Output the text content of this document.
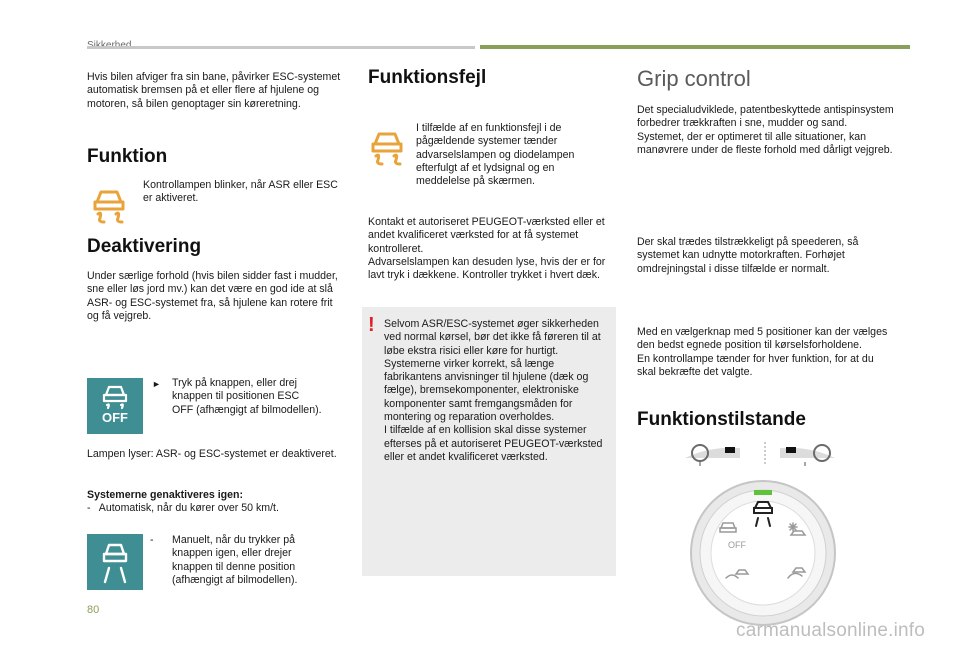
Hvis bilen afviger fra sin bane, påvirker ESC-systemet automatisk bremsen på et eller flere af hjulene og motoren, så bilen genoptager sin køreretning.
Funktion
Kontrollampen blinker, når ASR eller ESC er aktiveret.
Deaktivering
Under særlige forhold (hvis bilen sidder fast i mudder, sne eller løs jord mv.) kan det være en god ide at slå ASR- og ESC-systemet fra, så hjulene kan rotere frit og få vejgreb.
OFF
► Tryk på knappen, eller drej knappen til positionen ESC OFF (afhængigt af bilmodellen).
Lampen lyser: ASR- og ESC-systemet er deaktiveret.
Systemerne genaktiveres igen:
-   Automatisk, når du kører over 50 km/t.
- Manuelt, når du trykker på knappen igen, eller drejer knappen til denne position (afhængigt af bilmodellen).
Funktionsfejl
I tilfælde af en funktionsfejl i de pågældende systemer tænder advarselslampen og diodelampen efterfulgt af et lydsignal og en meddelelse på skærmen.
Kontakt et autoriseret PEUGEOT-værksted eller et andet kvalificeret værksted for at få systemet kontrolleret.
Advarselslampen kan desuden lyse, hvis der er for lavt tryk i dækkene. Kontroller trykket i hvert dæk.
! Selvom ASR/ESC-systemet øger sikkerheden ved normal kørsel, bør det ikke få føreren til at løbe ekstra risici eller køre for hurtigt.
Systemerne virker korrekt, så længe fabrikantens anvisninger til hjulene (dæk og fælge), bremsekomponenter, elektroniske komponenter samt fremgangsmåden for montering og reparation overholdes.
I tilfælde af en kollision skal disse systemer efterses på et autoriseret PEUGEOT-værksted eller et andet kvalificeret værksted.
Grip control
Det specialudviklede, patentbeskyttede antispinsystem forbedrer trækkraften i sne, mudder og sand.
Systemet, der er optimeret til alle situationer, kan manøvrere under de fleste forhold med dårligt vejgreb.
Der skal trædes tilstrækkeligt på speederen, så systemet kan udnytte motorkraften. Forhøjet omdrejningstal i disse tilfælde er normalt.
Med en vælgerknap med 5 positioner kan der vælges den bedst egnede position til kørselsforholdene.
En kontrollampe tænder for hver funktion, for at du skal bekræfte det valgte.
Funktionstilstande
OFF
80
carmanualsonline.info
